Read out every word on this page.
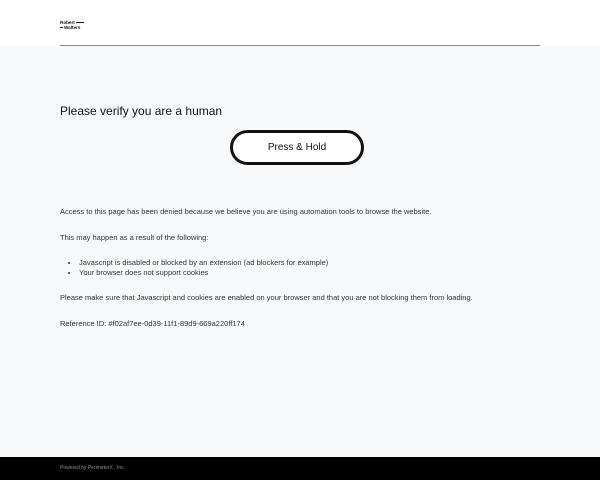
Robert
Walters
Please verify you are a human
Press & Hold

Access to this page has been denied because we believe you are using automation tools to browse the website.

This may happen as a result of the following:

• Javascript is disabled or blocked by an extension (ad blockers for example)
• Your browser does not support cookies

Please make sure that Javascript and cookies are enabled on your browser and that you are not blocking them from loading.

Reference ID: #f02af7ee-0d39-11f1-89d9-669a220ff174

Powered by PerimeterX , Inc.
